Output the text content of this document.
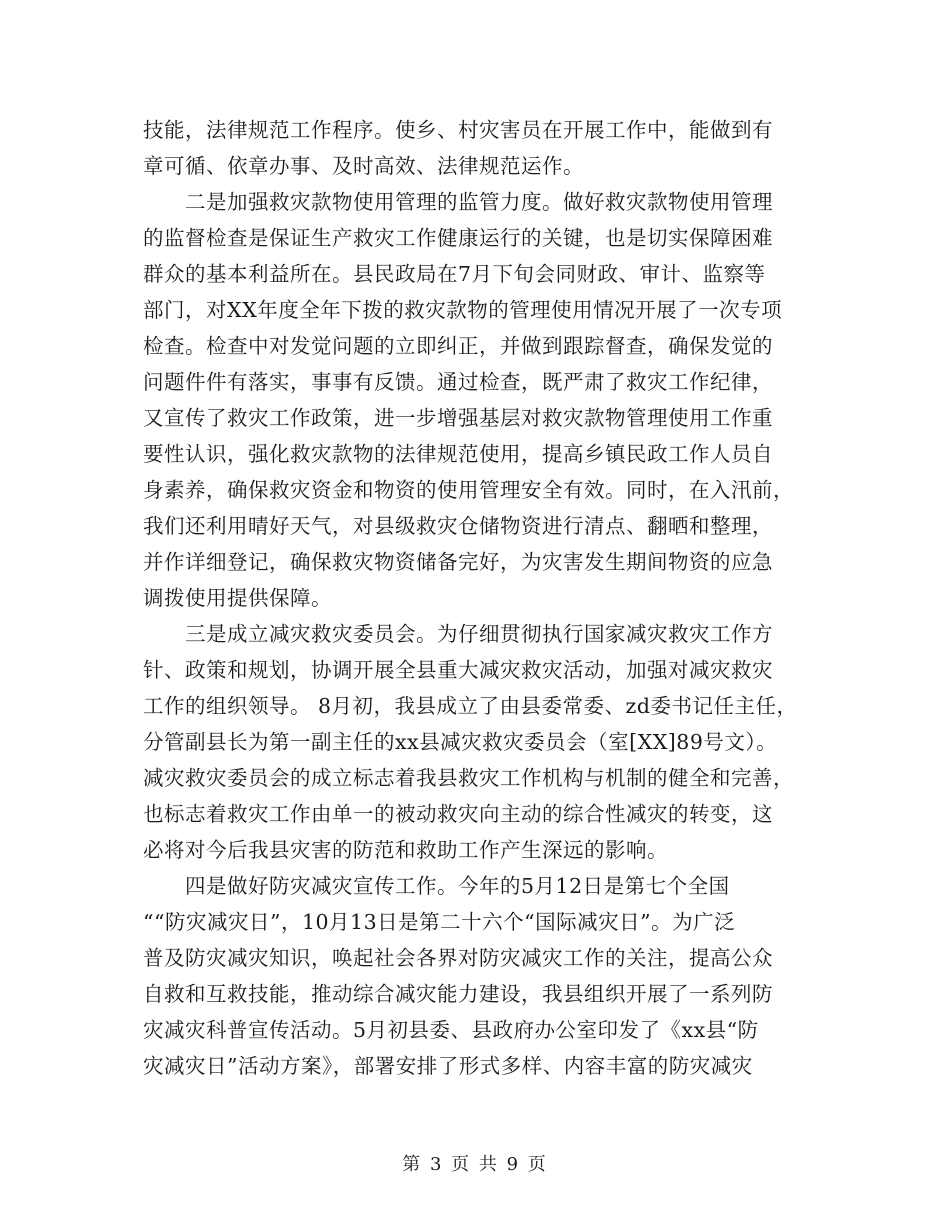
技能，法律规范工作程序。使乡、村灾害员在开展工作中，能做到有
章可循、依章办事、及时高效、法律规范运作。
二是加强救灾款物使用管理的监管力度。做好救灾款物使用管理
的监督检查是保证生产救灾工作健康运行的关键，也是切实保障困难
群众的基本利益所在。县民政局在7月下旬会同财政、审计、监察等
部门，对XX年度全年下拨的救灾款物的管理使用情况开展了一次专项
检查。检查中对发觉问题的立即纠正，并做到跟踪督查，确保发觉的
问题件件有落实，事事有反馈。通过检查，既严肃了救灾工作纪律，
又宣传了救灾工作政策，进一步增强基层对救灾款物管理使用工作重
要性认识，强化救灾款物的法律规范使用，提高乡镇民政工作人员自
身素养，确保救灾资金和物资的使用管理安全有效。同时，在入汛前，
我们还利用晴好天气，对县级救灾仓储物资进行清点、翻晒和整理，
并作详细登记，确保救灾物资储备完好，为灾害发生期间物资的应急
调拨使用提供保障。
三是成立减灾救灾委员会。为仔细贯彻执行国家减灾救灾工作方
针、政策和规划，协调开展全县重大减灾救灾活动，加强对减灾救灾
工作的组织领导。 8月初，我县成立了由县委常委、zd委书记任主任，
分管副县长为第一副主任的xx县减灾救灾委员会（室[XX]89号文）。
减灾救灾委员会的成立标志着我县救灾工作机构与机制的健全和完善，
也标志着救灾工作由单一的被动救灾向主动的综合性减灾的转变，这
必将对今后我县灾害的防范和救助工作产生深远的影响。
四是做好防灾减灾宣传工作。今年的5月12日是第七个全国
““防灾减灾日”，10月13日是第二十六个“国际减灾日”。为广泛
普及防灾减灾知识，唤起社会各界对防灾减灾工作的关注，提高公众
自救和互救技能，推动综合减灾能力建设，我县组织开展了一系列防
灾减灾科普宣传活动。5月初县委、县政府办公室印发了《xx县“防
灾减灾日”活动方案》，部署安排了形式多样、内容丰富的防灾减灾
第 3 页 共 9 页
